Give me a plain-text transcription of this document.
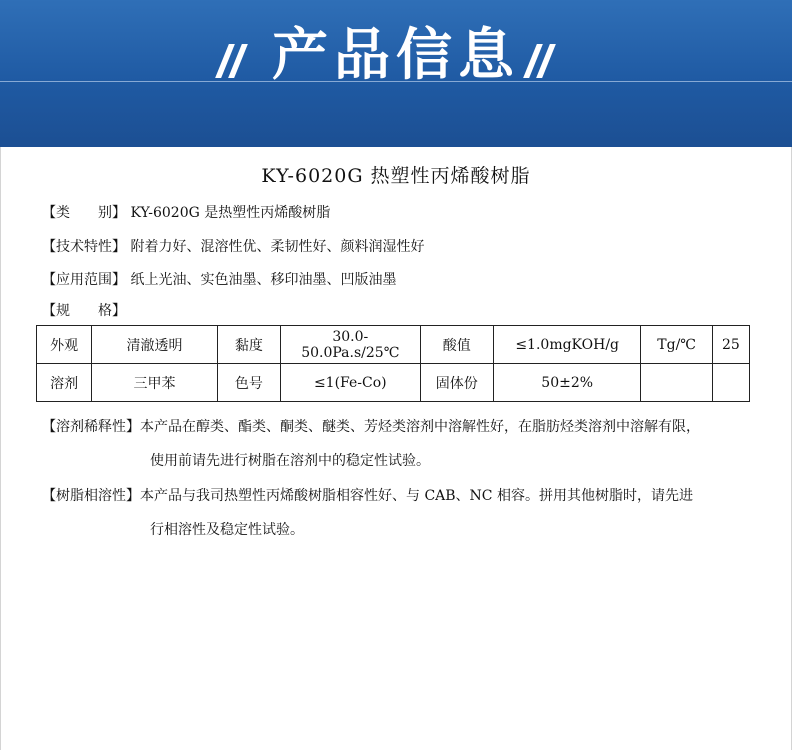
产品信息
KY-6020G 热塑性丙烯酸树脂
【类　　别】 KY-6020G 是热塑性丙烯酸树脂
【技术特性】 附着力好、混溶性优、柔韧性好、颜料润湿性好
【应用范围】 纸上光油、实色油墨、移印油墨、凹版油墨
【规　　格】
外观	清澈透明	黏度	30.0-50.0Pa.s/25℃	酸值	≤1.0mgKOH/g	Tg/℃	25
溶剂	三甲苯	色号	≤1(Fe-Co)	固体份	50±2%		
【溶剂稀释性】本产品在醇类、酯类、酮类、醚类、芳烃类溶剂中溶解性好，在脂肪烃类溶剂中溶解有限，
使用前请先进行树脂在溶剂中的稳定性试验。
【树脂相溶性】本产品与我司热塑性丙烯酸树脂相容性好、与 CAB、NC 相容。拼用其他树脂时，请先进
行相溶性及稳定性试验。
